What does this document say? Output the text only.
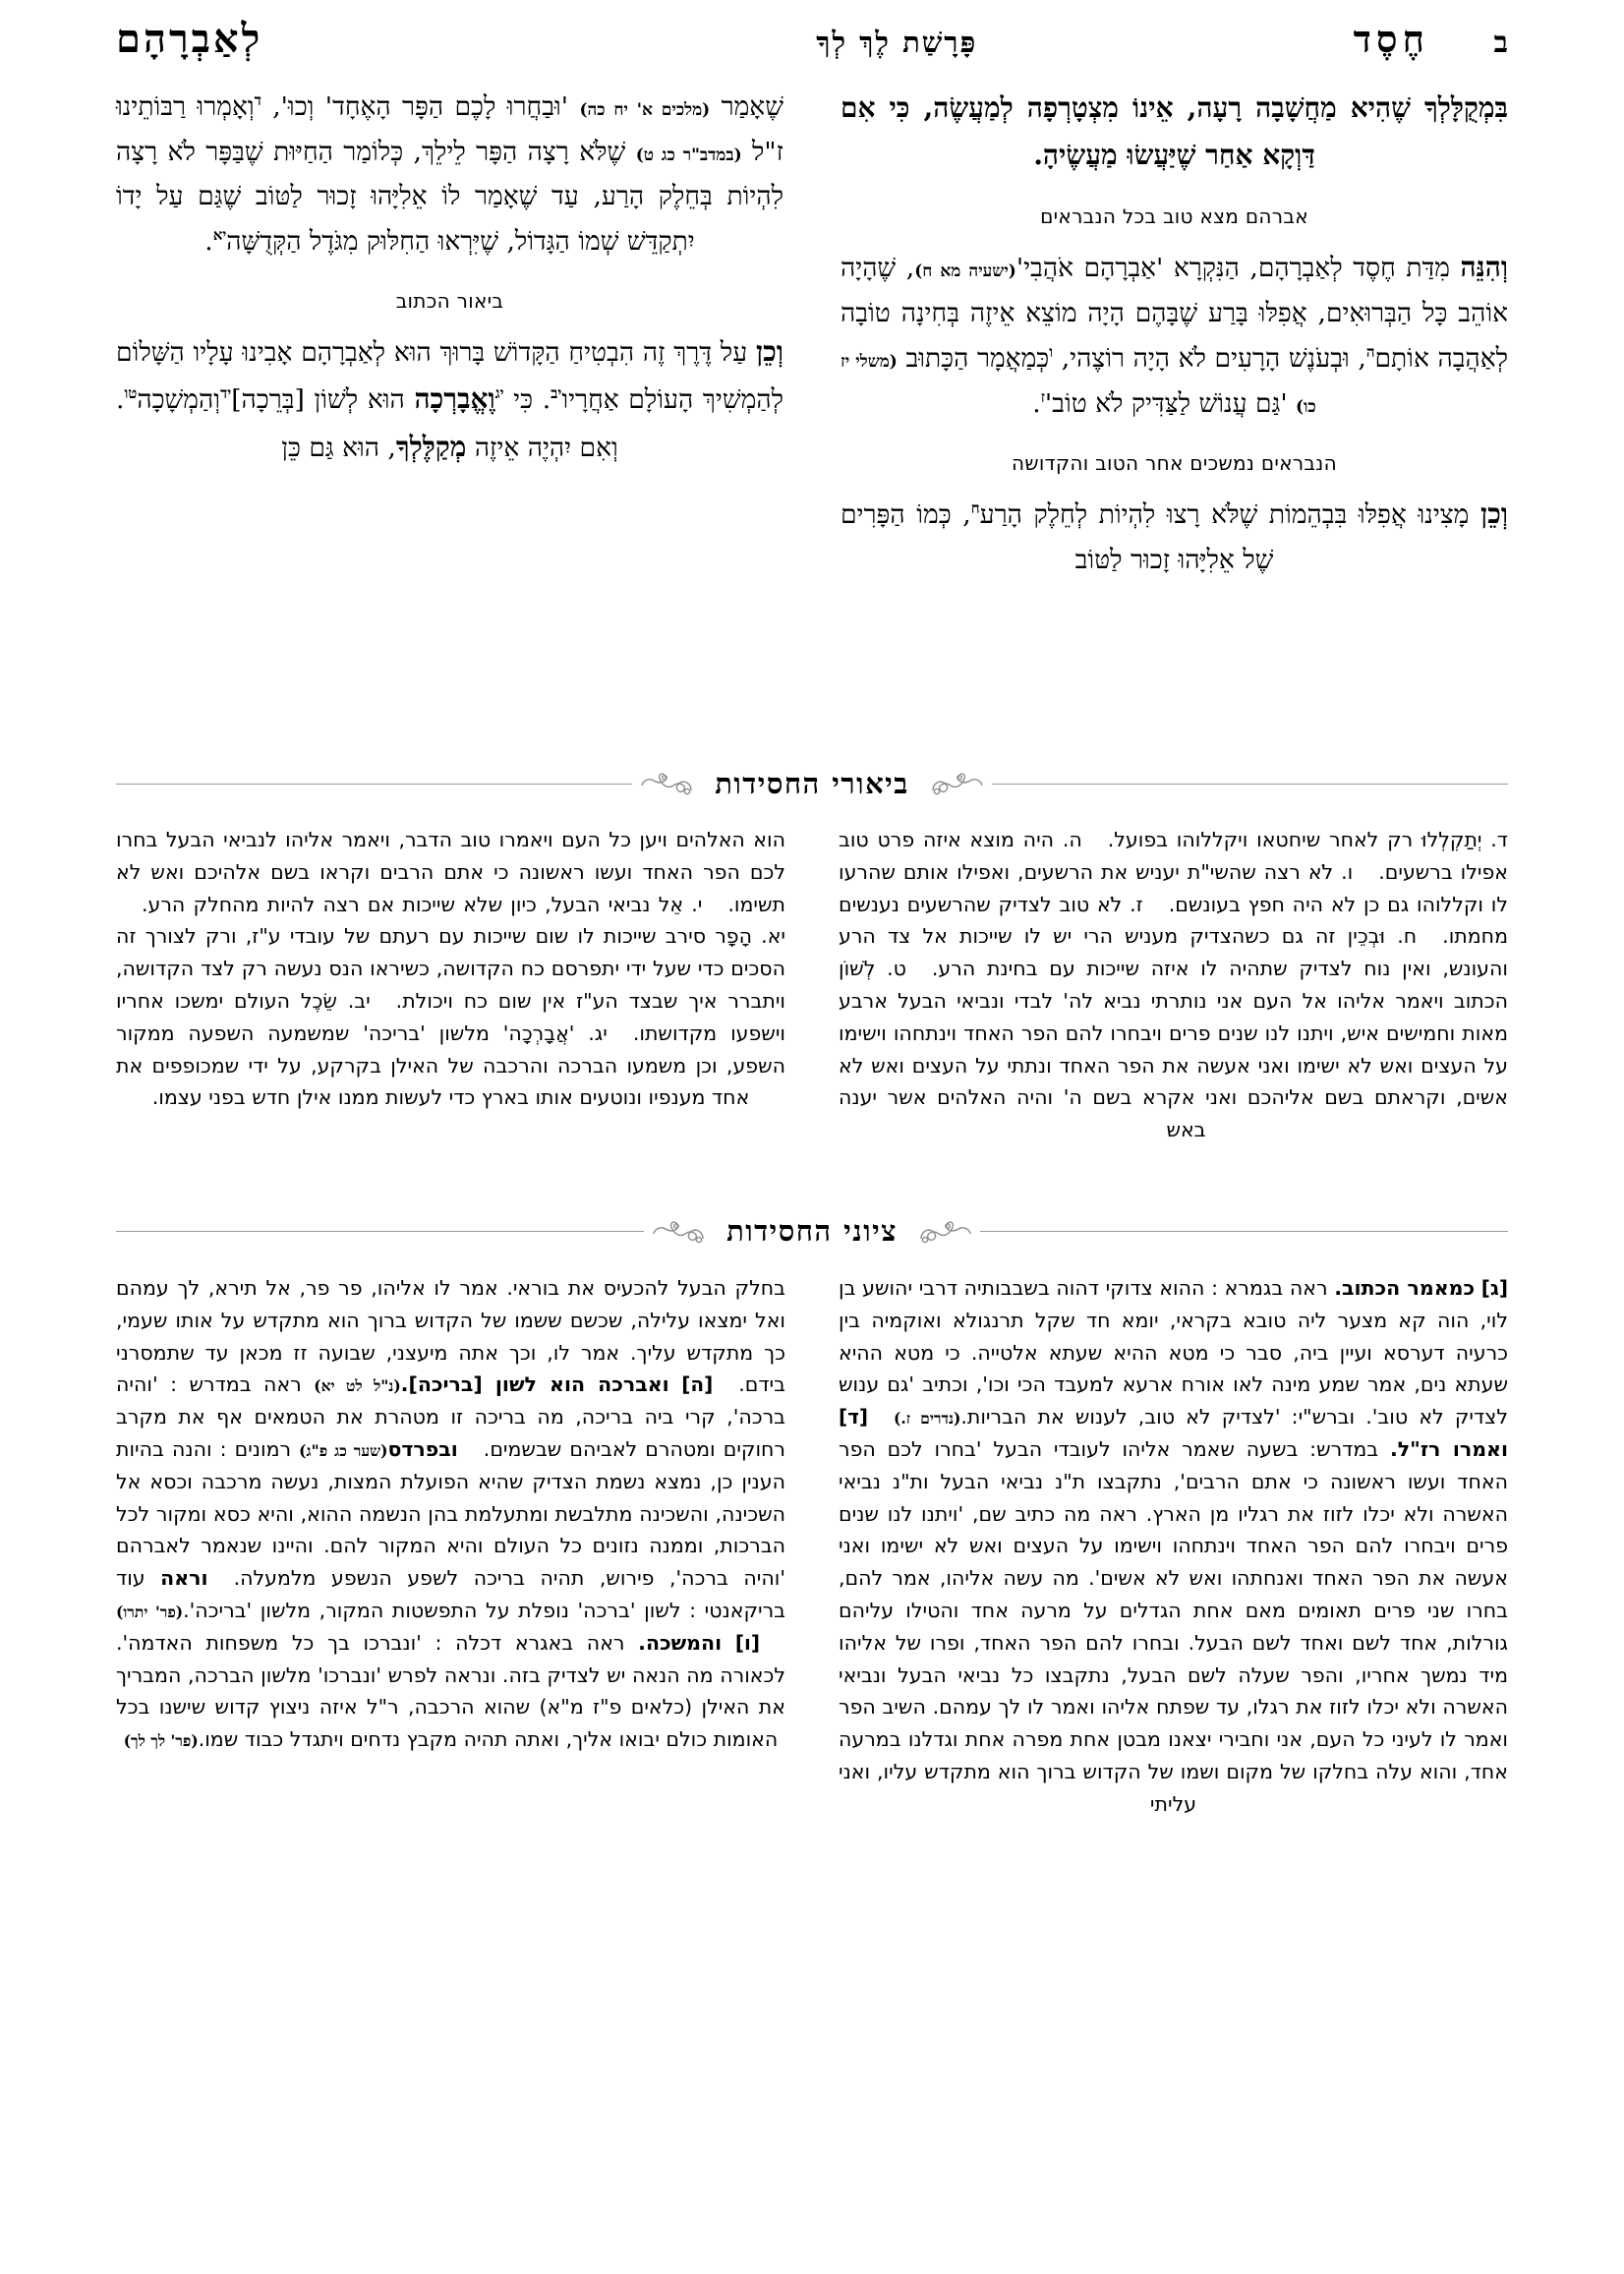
ב
חֶסֶד
פָּרָשַׁת לֶךְ לְךָ
לְאַבְרָהָם

בִּמְקֻלָּלְךָ שֶׁהִיא מַחֲשָׁבָה רָעָה, אֵינוֹ מִצְטָרְפָה לְמַעֲשֶׂה, כִּי אִם דַּוְקָא אַחַר שֶׁיַּעֲשׂוּ מַעֲשֶׂיהָ.

אברהם מצא טוב בכל הנבראים

וְהִנֵּה מִדַּת חֶסֶד לְאַבְרָהָם, הַנִּקְרָא 'אַבְרָהָם אֹהֲבִי'(ישעיה מא ח), שֶׁהָיָה אוֹהֵב כָּל הַבְּרוּאִים, אֲפִלּוּ בָּרַע שֶׁבָּהֶם הָיָה מוֹצֵא אֵיזֶה בְּחִינָה טוֹבָה לְאַהֲבָה אוֹתָם$^ה$, וּבְעֹנֶשׁ הָרָעִים לֹא הָיָה רוֹצֶהי, $^ו$כְּמַאֲמָר הַכָּתוּב (משלי יז כו) 'גַּם עֲנוֹשׁ לַצַּדִּיק לֹא $טוֹב'^ז$.

הנבראים נמשכים אחר הטוב והקדושה

וְכֵן מָצִינוּ אֲפִלּוּ בִּבְהֵמוֹת שֶׁלֹּא רָצוּ לִהְיוֹת לְחֵלֶק הָרַע$^ח$, כְּמוֹ הַפָּרִים שֶׁל אֵלִיָּהוּ זָכוּר לַטּוֹב

שֶׁאָמַר (מלכים א' יח כה) 'וּבַחֲרוּ לָכֶם הַפָּר הָאֶחָד' וְכוּ', $^ד$וְאָמְרוּ רַבּוֹתֵינוּ ז"ל (במדב"ר כג ט) שֶׁלֹּא רָצָה הַפָּר לֵילֵךְ, כְּלוֹמַר הַחַיּוּת שֶׁבַּפָּר לֹא רָצָה לִהְיוֹת בְּחֵלֶק הָרַע, עַד שֶׁאָמַר לוֹ אֵלִיָּהוּ זָכוּר לַטּוֹב שֶׁגַּם עַל יָדוֹ יִתְקַדֵּשׁ שְׁמוֹ הַגָּדוֹל, שֶׁיִּרְאוּ הַחִלּוּק מִגֹּדֶל הַקְּדֻשָּׁה$^{יא}$.

ביאור הכתוב

וְכֵן עַל דֶּרֶךְ זֶה הִבְטִיחַ הַקָּדוֹשׁ בָּרוּךְ הוּא לְאַבְרָהָם אָבִינוּ עָלָיו הַשָּׁלוֹם לְהַמְשִׁיךְ הָעוֹלָם אַחֲרָיו$^{יב}$. כִּי $^{יג}$וֶאֱבָרְכָה הוּא לְשׁוֹן [בְּרֵכָה]$^{יד}$וְהַמְשָׁכָה$^{טו}$. וְאִם יִהְיֶה אֵיזֶה מְקַלֶּלְךָ, הוּא גַּם כֵּן

ביאורי החסידות

ד. יְתַקְלְלוּ רק לאחר שיחטאו ויקללוהו בפועל.ה. היה מוצא איזה פרט טוב אפילו ברשעים.ו. לֹא רצה שהשי"ת יעניש את הרשעים, ואפילו אותם שהרעו לו וקללוהו גם כן לא היה חפץ בעונשם.ז. לֹא טוב לצדיק שהרשעים נענשים מחמתו.ח. וּבְכֵין זה גם כשהצדיק מעניש הרי יש לו שייכות אל צד הרע והעונש, ואין נוח לצדיק שתהיה לו איזה שייכות עם בחינת הרע.ט. לְשׁוֹן הכתוב ויאמר אליהו אל העם אני נותרתי נביא לה' לבדי ונביאי הבעל ארבע מאות וחמישים איש, ויתנו לנו שנים פרים ויבחרו להם הפר האחד וינתחהו וישימו על העצים ואש לא ישימו ואני אעשה את הפר האחד ונתתי על העצים ואש לא אשים, וקראתם בשם אליהכם ואני אקרא בשם ה' והיה האלהים אשר יענה באש

הוא האלהים ויען כל העם ויאמרו טוב הדבר, ויאמר אליהו לנביאי הבעל בחרו לכם הפר האחד ועשו ראשונה כי אתם הרבים וקראו בשם אלהיכם ואש לא תשימו.י. אֵל נביאי הבעל, כיון שלא שייכות אם רצה להיות מהחלק הרע.יא. הָפָר סירב שייכות לו שום שייכות עם רעתם של עובדי ע"ז, ורק לצורך זה הסכים כדי שעל ידי יתפרסם כח הקדושה, כשיראו הנס נעשה רק לצד הקדושה, ויתברר איך שבצד הע"ז אין שום כח ויכולת.יב. שֵׂכֶל העולם ימשכו אחריו וישפעו מקדושתו.יג. 'אֲבָרְכָה' מלשון 'בריכה' שמשמעה השפעה ממקור השפע, וכן משמעו הברכה והרכבה של האילן בקרקע, על ידי שמכופפים את אחד מענפיו ונוטעים אותו בארץ כדי לעשות ממנו אילן חדש בפני עצמו.

ציוני החסידות

[ג] כמאמר הכתוב. ראה בגמרא : ההוא צדוקי דהוה בשבבותיה דרבי יהושע בן לוי, הוה קא מצער ליה טובא בקראי, יומא חד שקל תרנגולא ואוקמיה בין כרעיה דערסא ועיין ביה, סבר כי מטא ההיא שעתא אלטייה. כי מטא ההיא שעתא נים, אמר שמע מינה לאו אורח ארעא למעבד הכי וכו', וכתיב 'גם ענוש לצדיק לא טוב'. וברש"י: 'לצדיק לא טוב, לענוש את הבריות.(נדרים ז.)[ד] ואמרו רז"ל. במדרש: בשעה שאמר אליהו לעובדי הבעל 'בחרו לכם הפר האחד ועשו ראשונה כי אתם הרבים', נתקבצו ת"נ נביאי הבעל ות"נ נביאי האשרה ולא יכלו לזוז את רגליו מן הארץ. ראה מה כתיב שם, 'ויתנו לנו שנים פרים ויבחרו להם הפר האחד וינתחהו וישימו על העצים ואש לא ישימו ואני אעשה את הפר האחד ואנחתהו ואש לא אשים'. מה עשה אליהו, אמר להם, בחרו שני פרים תאומים מאם אחת הגדלים על מרעה אחד והטילו עליהם גורלות, אחד לשם ואחד לשם הבעל. ובחרו להם הפר האחד, ופרו של אליהו מיד נמשך אחריו, והפר שעלה לשם הבעל, נתקבצו כל נביאי הבעל ונביאי האשרה ולא יכלו לזוז את רגלו, עד שפתח אליהו ואמר לו לך עמהם. השיב הפר ואמר לו לעיני כל העם, אני וחבירי יצאנו מבטן אחת מפרה אחת וגדלנו במרעה אחד, והוא עלה בחלקו של מקום ושמו של הקדוש ברוך הוא מתקדש עליו, ואני עליתי

בחלק הבעל להכעיס את בוראי. אמר לו אליהו, פר פר, אל תירא, לך עמהם ואל ימצאו עלילה, שכשם ששמו של הקדוש ברוך הוא מתקדש על אותו שעמי, כך מתקדש עליך. אמר לו, וכך אתה מיעצני, שבועה זז מכאן עד שתמסרני בידם.[ה] ואברכה הוא לשון [בריכה].(נ"ל לט יא) ראה במדרש : 'והיה ברכה', קרי ביה בריכה, מה בריכה זו מטהרת את הטמאים אף את מקרב רחוקים ומטהרם לאביהם שבשמים.ובפרדס(שער כג פ"ג) רמונים : והנה בהיות הענין כן, נמצא נשמת הצדיק שהיא הפועלת המצות, נעשה מרכבה וכסא אל השכינה, והשכינה מתלבשת ומתעלמת בהן הנשמה ההוא, והיא כסא ומקור לכל הברכות, וממנה נזונים כל העולם והיא המקור להם. והיינו שנאמר לאברהם 'והיה ברכה', פירוש, תהיה בריכה לשפע הנשפע מלמעלה.וראה עוד בריקאנטי : לשון 'ברכה' נופלת על התפשטות המקור, מלשון 'בריכה'.(פר' יתרו)[ו] והמשכה. ראה באגרא דכלה : 'ונברכו בך כל משפחות האדמה'. לכאורה מה הנאה יש לצדיק בזה. ונראה לפרש 'ונברכו' מלשון הברכה, המבריך את האילן (כלאים פ"ז מ"א) שהוא הרכבה, ר"ל איזה ניצוץ קדוש שישנו בכל האומות כולם יבואו אליך, ואתה תהיה מקבץ נדחים ויתגדל כבוד שמו.(פר' לך לך)
